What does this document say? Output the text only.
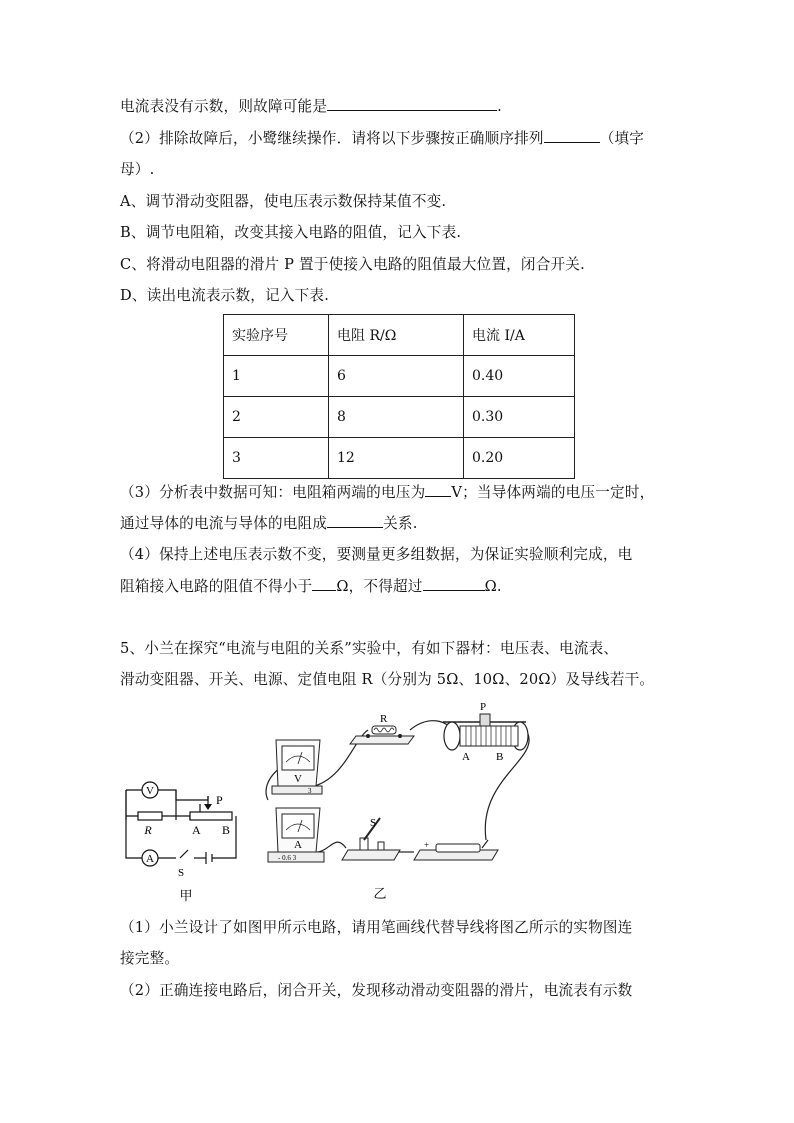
电流表没有示数，则故障可能是	.
（2）排除故障后，小鹭继续操作．请将以下步骤按正确顺序排列	（填字
母）.
A、调节滑动变阻器，使电压表示数保持某值不变.
B、调节电阻箱，改变其接入电路的阻值，记入下表.
C、将滑动电阻器的滑片 P 置于使接入电路的阻值最大位置，闭合开关.
D、读出电流表示数，记入下表.
实验序号	电阻 R/Ω	电流 I/A
1	6	0.40
2	8	0.30
3	12	0.20
（3）分析表中数据可知：电阻箱两端的电压为 V；当导体两端的电压一定时，
通过导体的电流与导体的电阻成	关系.
（4）保持上述电压表示数不变，要测量更多组数据，为保证实验顺利完成，电
阻箱接入电路的阻值不得小于 Ω，不得超过	Ω.
5、小兰在探究“电流与电阻的关系”实验中，有如下器材：电压表、电流表、
滑动变阻器、开关、电源、定值电阻 R（分别为 5Ω、10Ω、20Ω）及导线若干。
V
A
R
P
A B
S
甲
R
P
A B
V
3
A
- 0.6 3
S
乙
+
（1）小兰设计了如图甲所示电路，请用笔画线代替导线将图乙所示的实物图连
接完整。
（2）正确连接电路后，闭合开关，发现移动滑动变阻器的滑片，电流表有示数
